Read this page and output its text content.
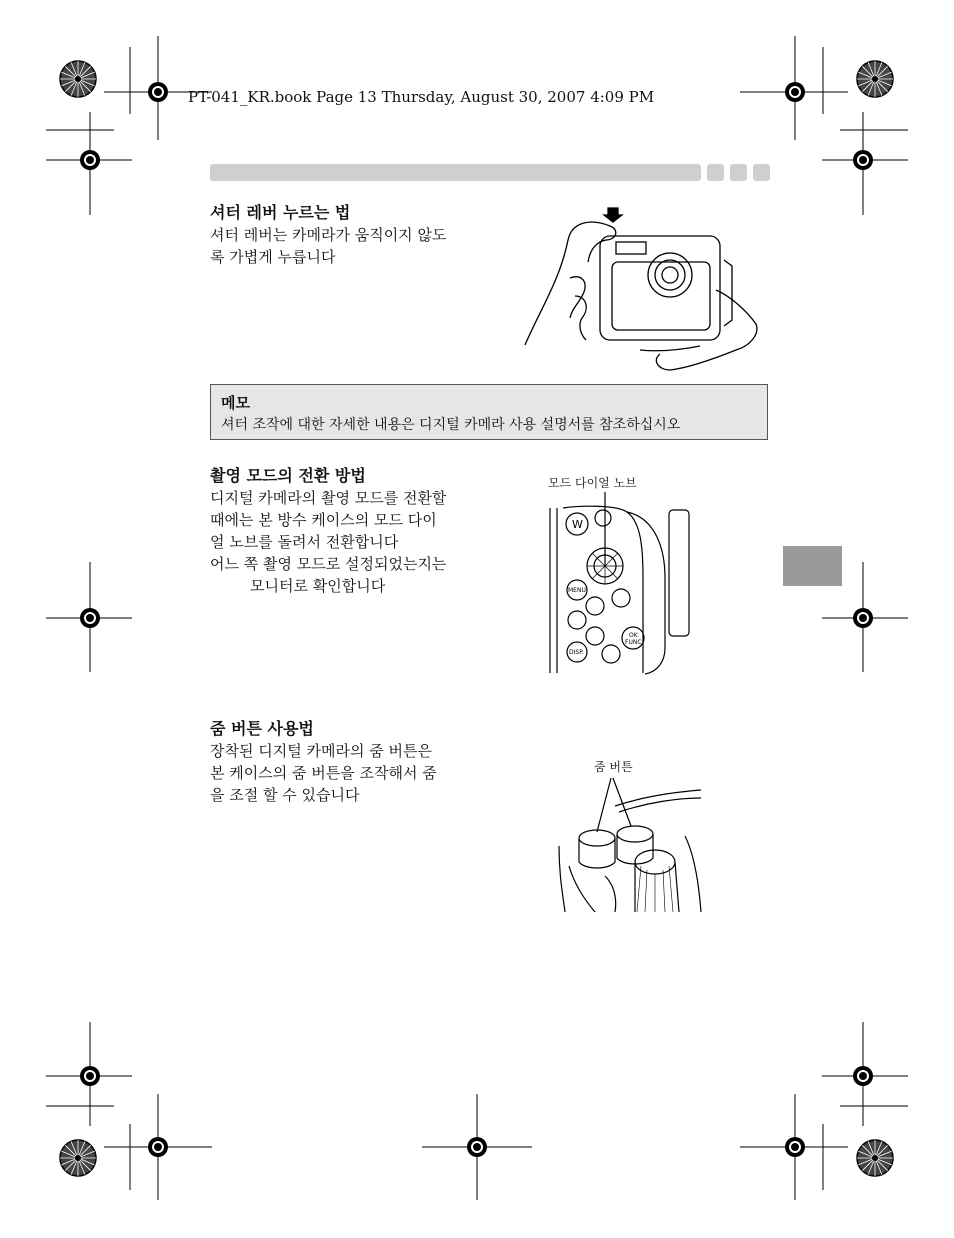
PT-041_KR.book Page 13 Thursday, August 30, 2007 4:09 PM
셔터 레버 누르는 법
셔터 레버는 카메라가 움직이지 않도
록 가볍게 누릅니다
메모
셔터 조작에 대한 자세한 내용은 디지털 카메라 사용 설명서를 참조하십시오
촬영 모드의 전환 방법
디지털 카메라의 촬영 모드를 전환할
때에는 본 방수 케이스의 모드 다이
얼 노브를 돌려서 전환합니다
어느 쪽 촬영 모드로 설정되었는지는
모니터로 확인합니다
모드 다이얼 노브
W
MENU
OK
FUNC
DISP.
줌 버튼 사용법
장착된 디지털 카메라의 줌 버튼은
본 케이스의 줌 버튼을 조작해서 줌
을 조절 할 수 있습니다
줌 버튼
